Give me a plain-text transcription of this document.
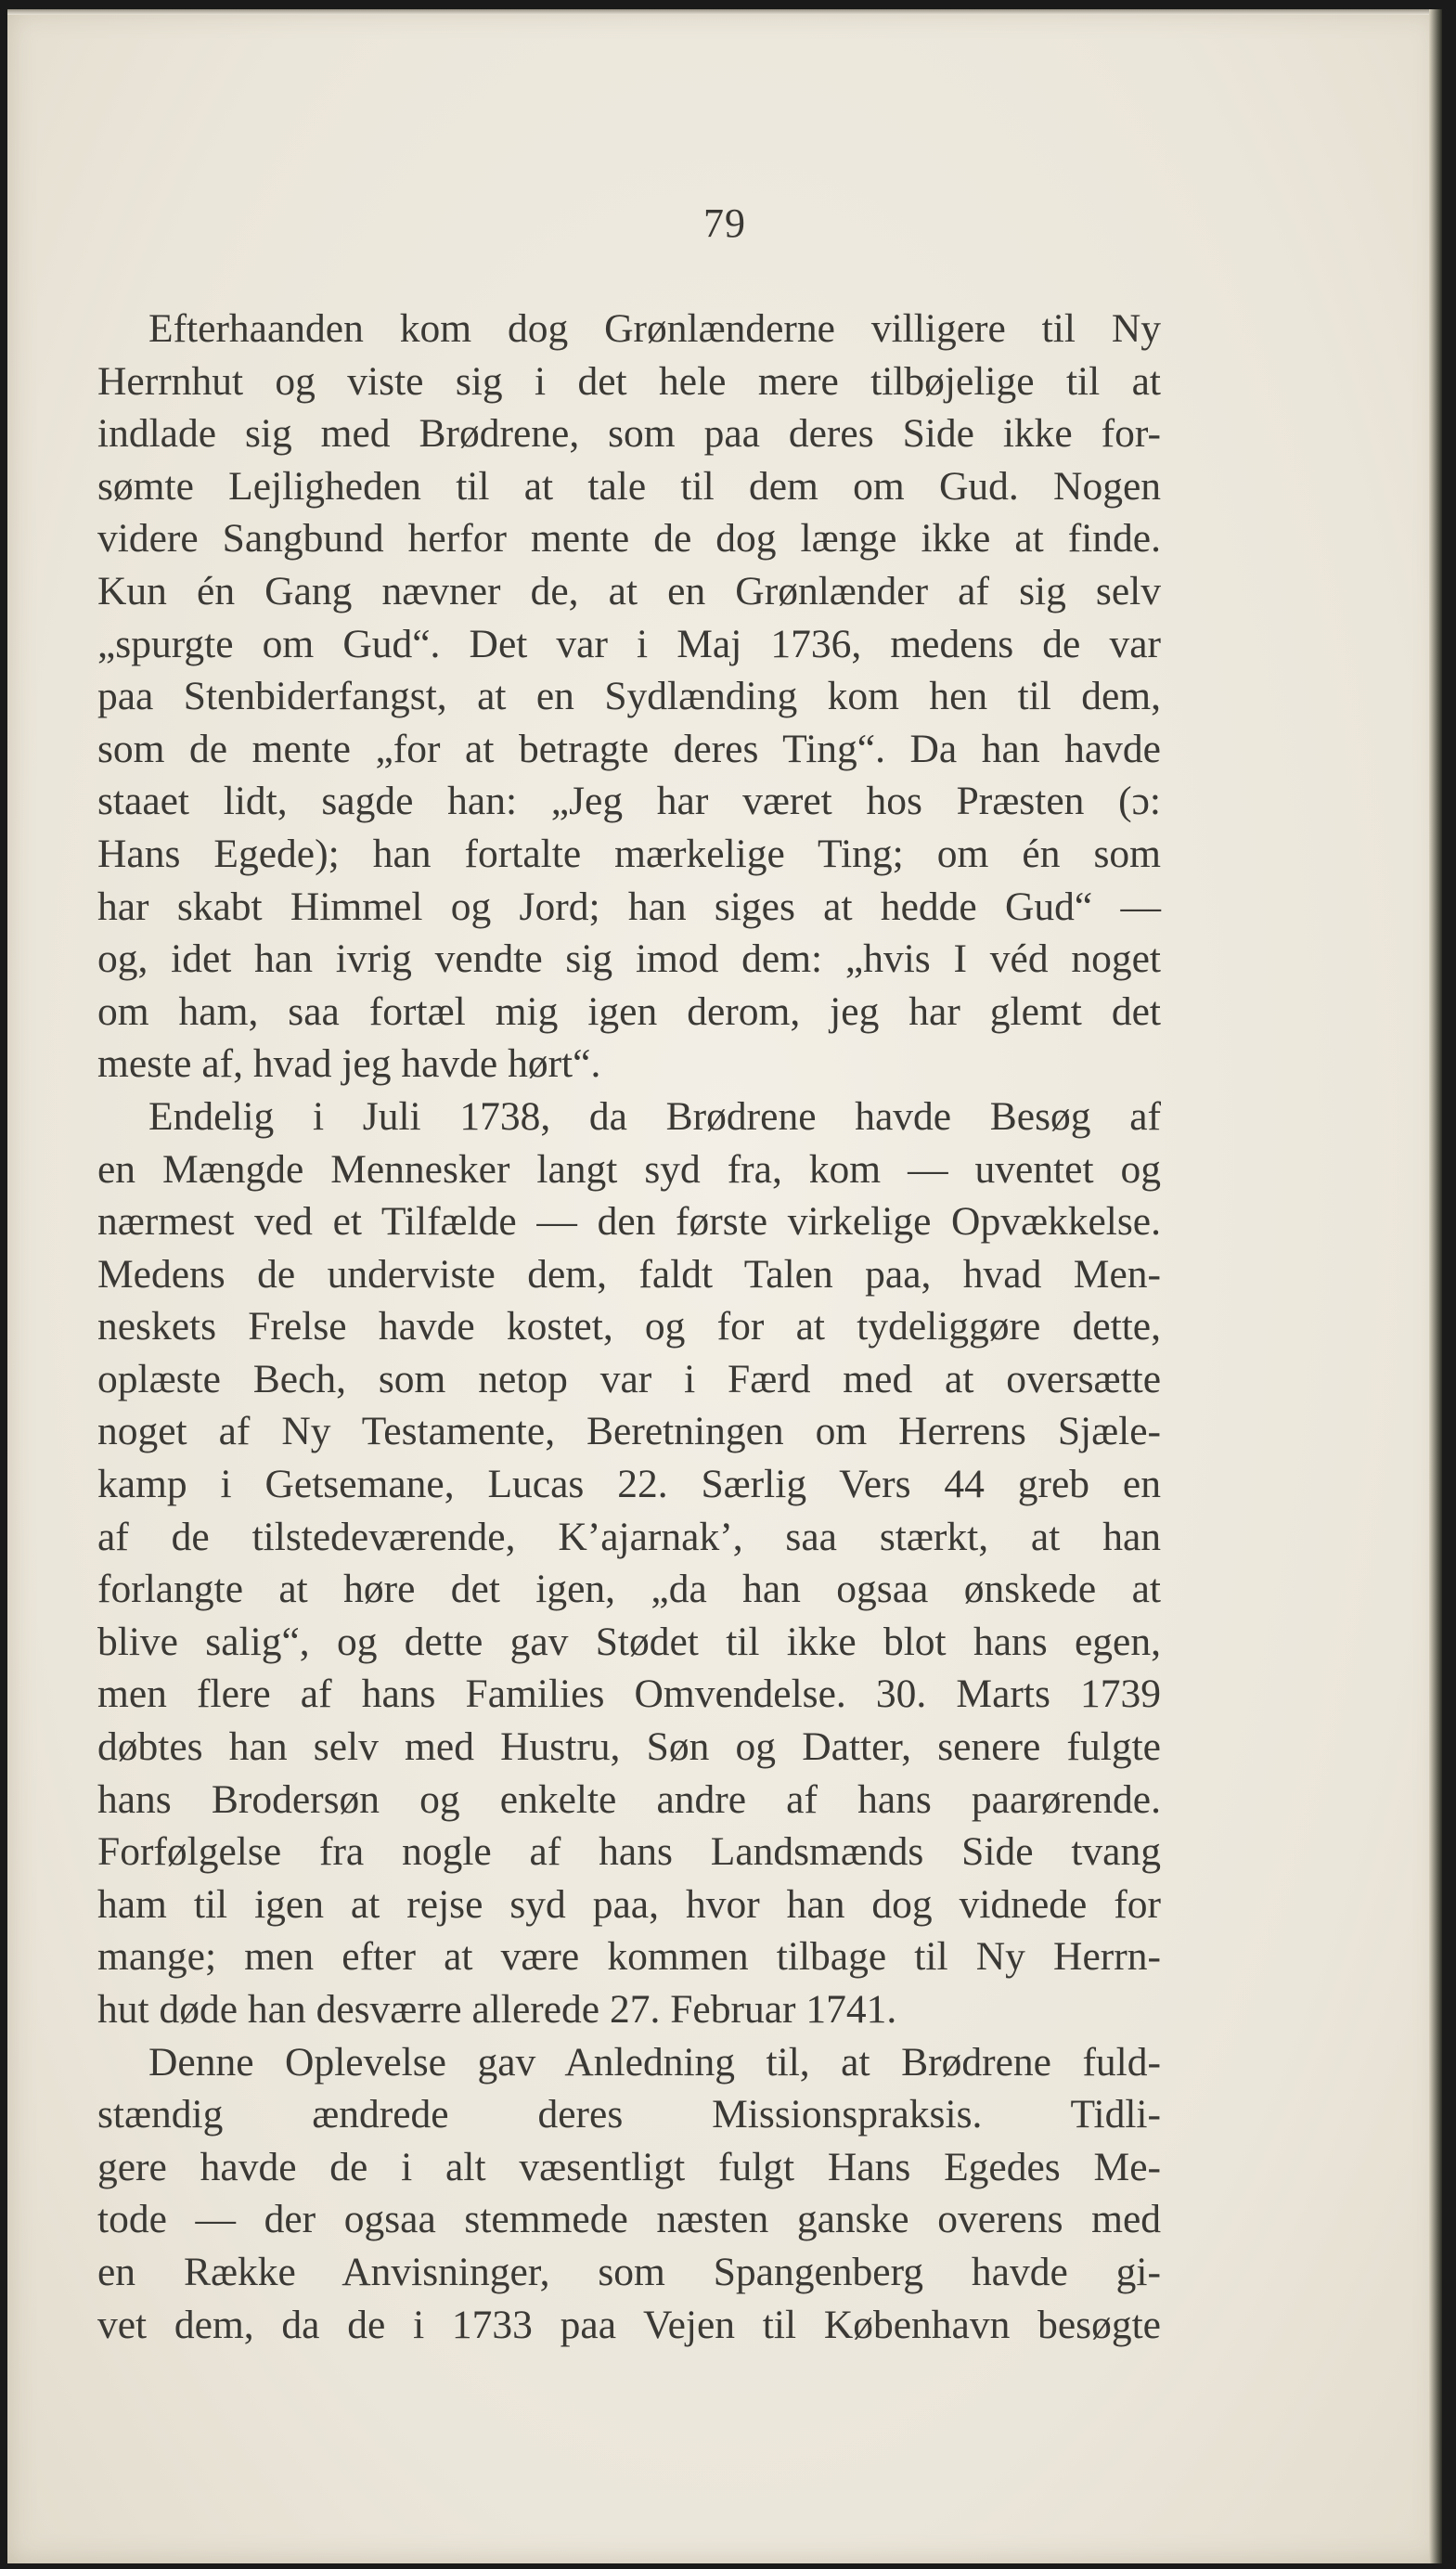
79
Efterhaanden kom dog Grønlænderne villigere til Ny
Herrnhut og viste sig i det hele mere tilbøjelige til at
indlade sig med Brødrene, som paa deres Side ikke for-
sømte Lejligheden til at tale til dem om Gud. Nogen
videre Sangbund herfor mente de dog længe ikke at finde.
Kun én Gang nævner de, at en Grønlænder af sig selv
„spurgte om Gud“. Det var i Maj 1736, medens de var
paa Stenbiderfangst, at en Sydlænding kom hen til dem,
som de mente „for at betragte deres Ting“. Da han havde
staaet lidt, sagde han: „Jeg har været hos Præsten (ɔ:
Hans Egede); han fortalte mærkelige Ting; om én som
har skabt Himmel og Jord; han siges at hedde Gud“ —
og, idet han ivrig vendte sig imod dem: „hvis I véd noget
om ham, saa fortæl mig igen derom, jeg har glemt det
meste af, hvad jeg havde hørt“.
Endelig i Juli 1738, da Brødrene havde Besøg af
en Mængde Mennesker langt syd fra, kom — uventet og
nærmest ved et Tilfælde — den første virkelige Opvækkelse.
Medens de underviste dem, faldt Talen paa, hvad Men-
neskets Frelse havde kostet, og for at tydeliggøre dette,
oplæste Bech, som netop var i Færd med at oversætte
noget af Ny Testamente, Beretningen om Herrens Sjæle-
kamp i Getsemane, Lucas 22. Særlig Vers 44 greb en
af de tilstedeværende, K’ajarnak’, saa stærkt, at han
forlangte at høre det igen, „da han ogsaa ønskede at
blive salig“, og dette gav Stødet til ikke blot hans egen,
men flere af hans Families Omvendelse. 30. Marts 1739
døbtes han selv med Hustru, Søn og Datter, senere fulgte
hans Brodersøn og enkelte andre af hans paarørende.
Forfølgelse fra nogle af hans Landsmænds Side tvang
ham til igen at rejse syd paa, hvor han dog vidnede for
mange; men efter at være kommen tilbage til Ny Herrn-
hut døde han desværre allerede 27. Februar 1741.
Denne Oplevelse gav Anledning til, at Brødrene fuld-
stændig ændrede deres Missionspraksis. Tidli-
gere havde de i alt væsentligt fulgt Hans Egedes Me-
tode — der ogsaa stemmede næsten ganske overens med
en Række Anvisninger, som Spangenberg havde gi-
vet dem, da de i 1733 paa Vejen til København besøgte
